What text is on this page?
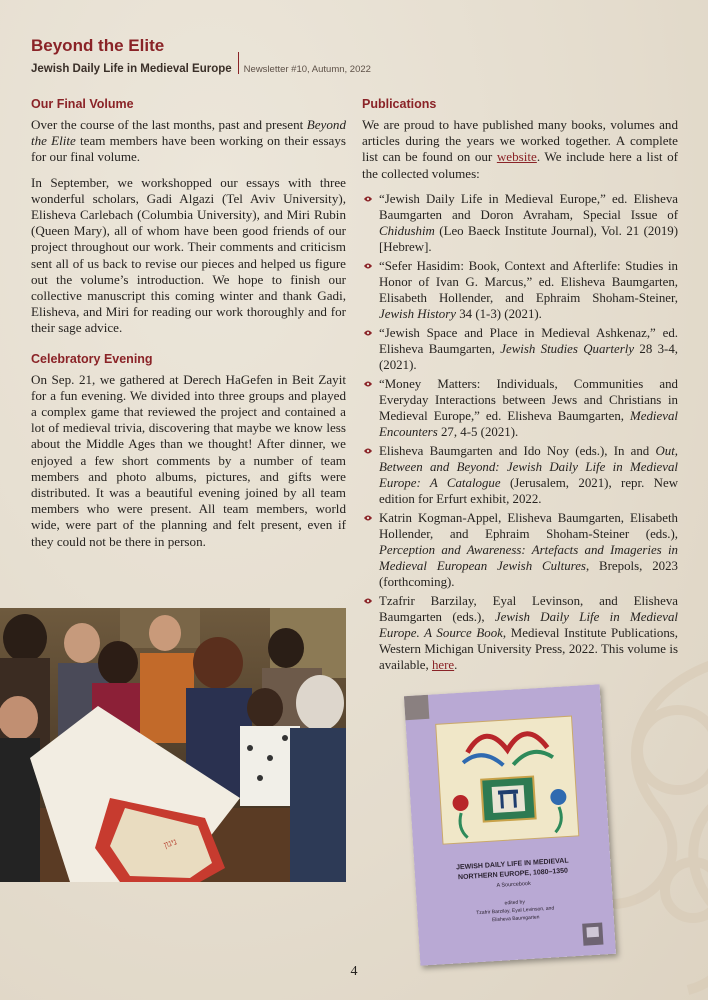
Beyond the Elite
Jewish Daily Life in Medieval Europe Newsletter #10, Autumn, 2022
Our Final Volume

Over the course of the last months, past and present Beyond the Elite team members have been working on their essays for our final volume.

In September, we workshopped our essays with three wonderful scholars, Gadi Algazi (Tel Aviv University), Elisheva Carlebach (Columbia University), and Miri Rubin (Queen Mary), all of whom have been good friends of our project throughout our work. Their comments and criticism sent all of us back to revise our pieces and helped us figure out the volume’s introduction. We hope to finish our collective manuscript this coming winter and thank Gadi, Elisheva, and Miri for reading our work thoroughly and for their sage advice.

Celebratory Evening

On Sep. 21, we gathered at Derech HaGefen in Beit Zayit for a fun evening. We divided into three groups and played a complex game that reviewed the project and contained a lot of medieval trivia, discovering that maybe we know less about the Middle Ages than we thought! After dinner, we enjoyed a few short comments by a number of team members and photo albums, pictures, and gifts were distributed. It was a beautiful evening joined by all team members who were present. All team members, world wide, were part of the planning and felt present, even if they could not be there in person.

ניגון
Publications

We are proud to have published many books, volumes and articles during the years we worked together. A complete list can be found on our website. We include here a list of the collected volumes:

“Jewish Daily Life in Medieval Europe,” ed. Elisheva Baumgarten and Doron Avraham, Special Issue of Chidushim (Leo Baeck Institute Journal), Vol. 21 (2019) [Hebrew].
“Sefer Hasidim: Book, Context and Afterlife: Studies in Honor of Ivan G. Marcus,” ed. Elisheva Baumgarten, Elisabeth Hollender, and Ephraim Shoham-Steiner, Jewish History 34 (1-3) (2021).
“Jewish Space and Place in Medieval Ashkenaz,” ed. Elisheva Baumgarten, Jewish Studies Quarterly 28 3-4, (2021).
“Money Matters: Individuals, Communities and Everyday Interactions between Jews and Christians in Medieval Europe,” ed. Elisheva Baumgarten, Medieval Encounters 27, 4-5 (2021).
Elisheva Baumgarten and Ido Noy (eds.), In and Out, Between and Beyond: Jewish Daily Life in Medieval Europe: A Catalogue (Jerusalem, 2021), repr. New edition for Erfurt exhibit, 2022.
Katrin Kogman-Appel, Elisheva Baumgarten, Elisabeth Hollender, and Ephraim Shoham-Steiner (eds.), Perception and Awareness: Artefacts and Imageries in Medieval European Jewish Cultures, Brepols, 2023 (forthcoming).
Tzafrir Barzilay, Eyal Levinson, and Elisheva Baumgarten (eds.), Jewish Daily Life in Medieval Europe. A Source Book, Medieval Institute Publications, Western Michigan University Press, 2022. This volume is available, here.
JEWISH DAILY LIFE IN MEDIEVAL
NORTHERN EUROPE, 1080–1350
A Sourcebook
edited by
Tzafrir Barzilay, Eyal Levinson, and
Elisheva Baumgarten
4
